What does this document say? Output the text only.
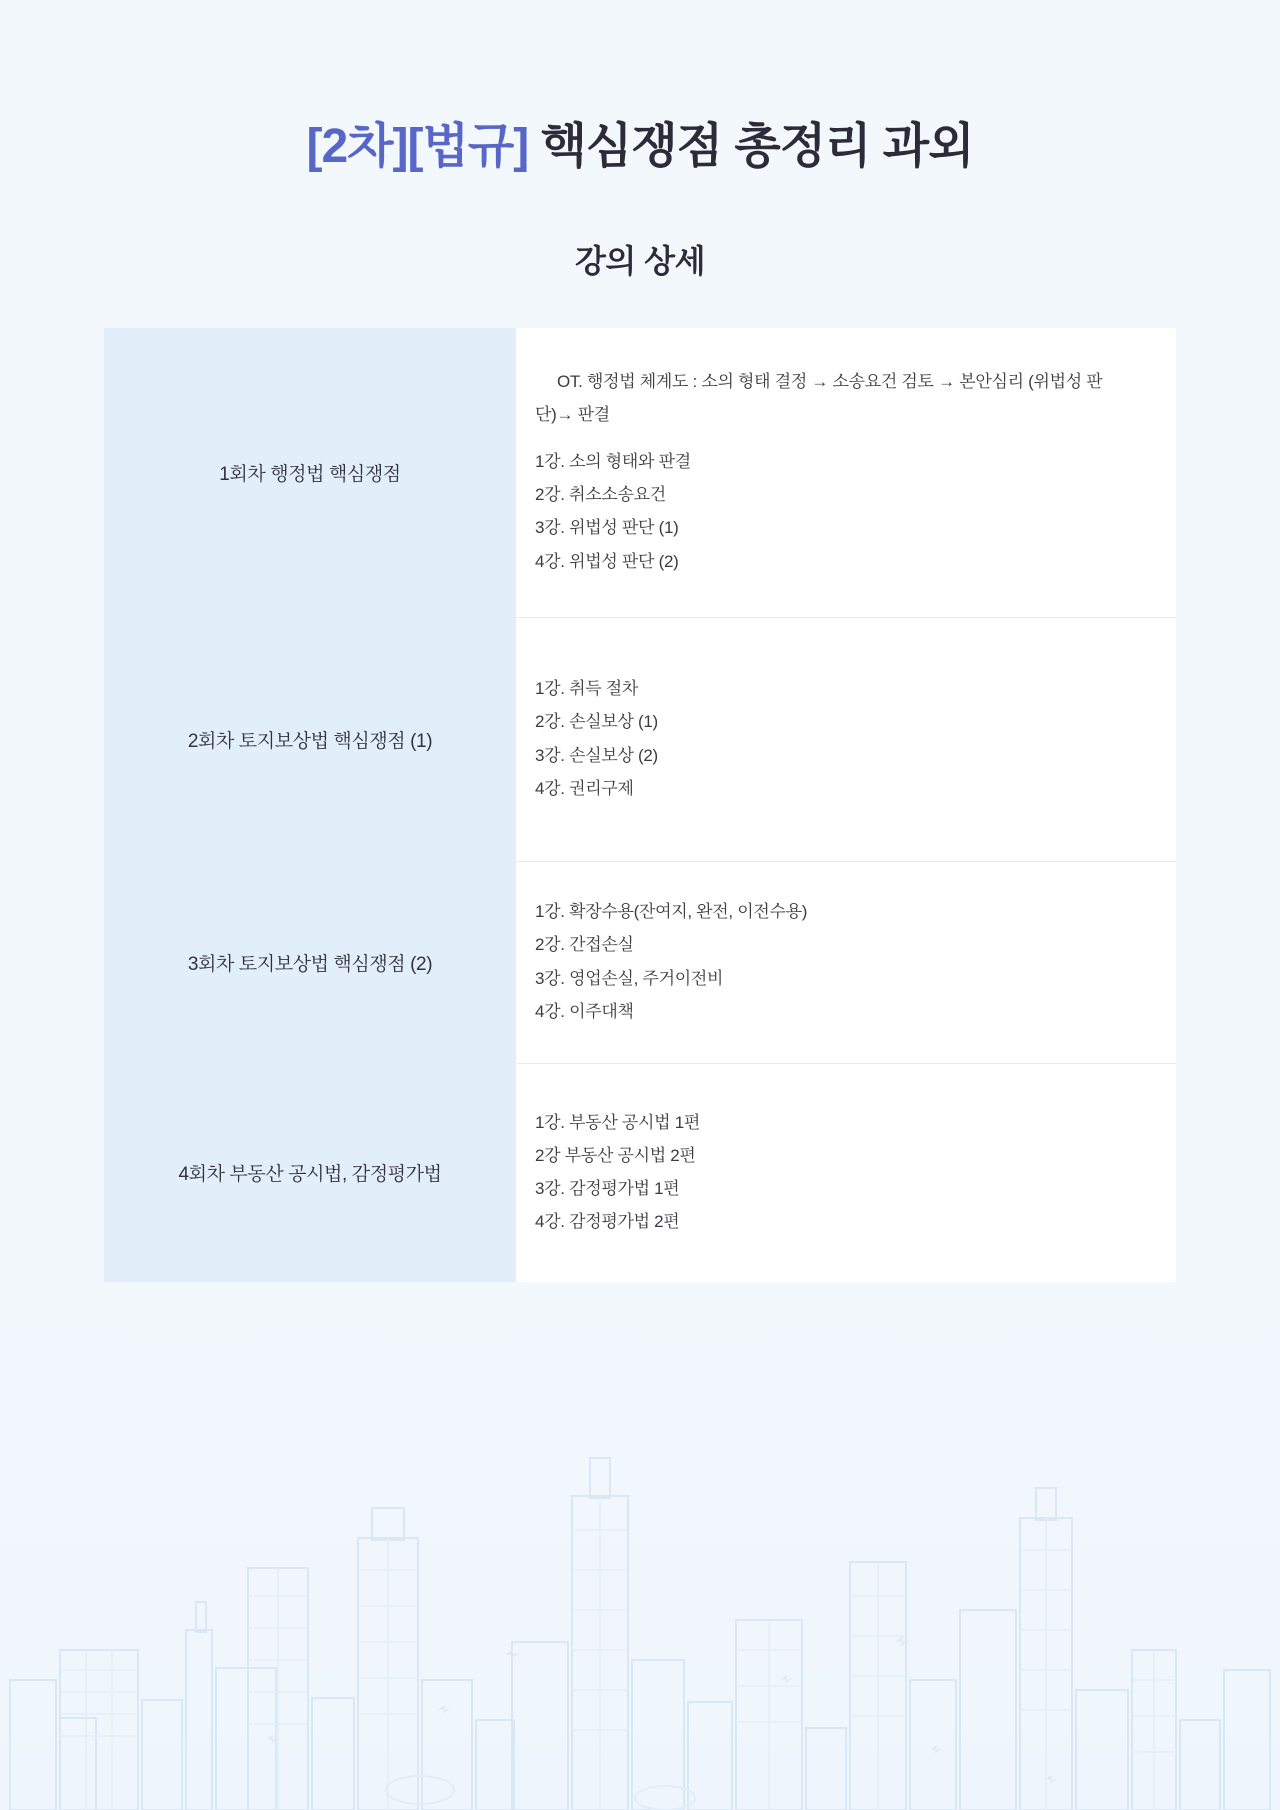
[2차][법규] 핵심쟁점 총정리 과외
강의 상세
1회차 행정법 핵심쟁점	

OT. 행정법 체계도 : 소의 형태 결정 → 소송요건 검토 → 본안심리 (위법성 판단)→ 판결

1강. 소의 형태와 판결
2강. 취소소송요건
3강. 위법성 판단 (1)
4강. 위법성 판단 (2)

2회차 토지보상법 핵심쟁점 (1)	
1강. 취득 절차
2강. 손실보상 (1)
3강. 손실보상 (2)
4강. 권리구제

3회차 토지보상법 핵심쟁점 (2)	
1강. 확장수용(잔여지, 완전, 이전수용)
2강. 간접손실
3강. 영업손실, 주거이전비
4강. 이주대책

4회차 부동산 공시법, 감정평가법	
1강. 부동산 공시법 1편
2강 부동산 공시법 2편
3강. 감정평가법 1편
4강. 감정평가법 2편
